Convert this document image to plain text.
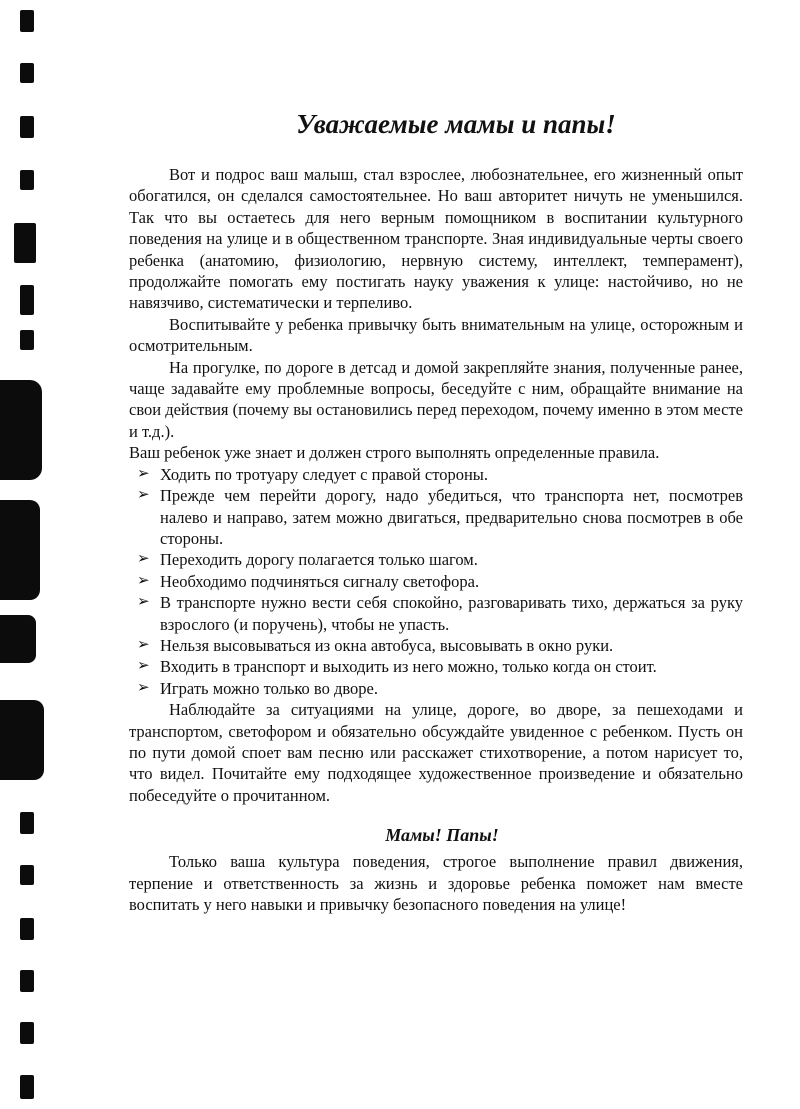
Уважаемые мамы и папы!

Вот и подрос ваш малыш, стал взрослее, любознательнее, его жизненный опыт обогатился, он сделался самостоятельнее. Но ваш авторитет ничуть не уменьшился. Так что вы остаетесь для него верным помощником в воспитании культурного поведения на улице и в общественном транспорте. Зная индивидуальные черты своего ребенка (анатомию, физиологию, нервную систему, интеллект, темперамент), продолжайте помогать ему постигать науку уважения к улице: настойчиво, но не навязчиво, систематически и терпеливо.

Воспитывайте у ребенка привычку быть внимательным на улице, осторожным и осмотрительным.

На прогулке, по дороге в детсад и домой закрепляйте знания, полученные ранее, чаще задавайте ему проблемные вопросы, беседуйте с ним, обращайте внимание на свои действия (почему вы остановились перед переходом, почему именно в этом месте и т.д.).

Ваш ребенок уже знает и должен строго выполнять определенные правила.

➢ Ходить по тротуару следует с правой стороны.
➢ Прежде чем перейти дорогу, надо убедиться, что транспорта нет, посмотрев налево и направо, затем можно двигаться, предварительно снова посмотрев в обе стороны.
➢ Переходить дорогу полагается только шагом.
➢ Необходимо подчиняться сигналу светофора.
➢ В транспорте нужно вести себя спокойно, разговаривать тихо, держаться за руку взрослого (и поручень), чтобы не упасть.
➢ Нельзя высовываться из окна автобуса, высовывать в окно руки.
➢ Входить в транспорт и выходить из него можно, только когда он стоит.
➢ Играть можно только во дворе.

Наблюдайте за ситуациями на улице, дороге, во дворе, за пешеходами и транспортом, светофором и обязательно обсуждайте увиденное с ребенком. Пусть он по пути домой споет вам песню или расскажет стихотворение, а потом нарисует то, что видел. Почитайте ему подходящее художественное произведение и обязательно побеседуйте о прочитанном.

Мамы! Папы!

Только ваша культура поведения, строгое выполнение правил движения, терпение и ответственность за жизнь и здоровье ребенка поможет нам вместе воспитать у него навыки и привычку безопасного поведения на улице!
